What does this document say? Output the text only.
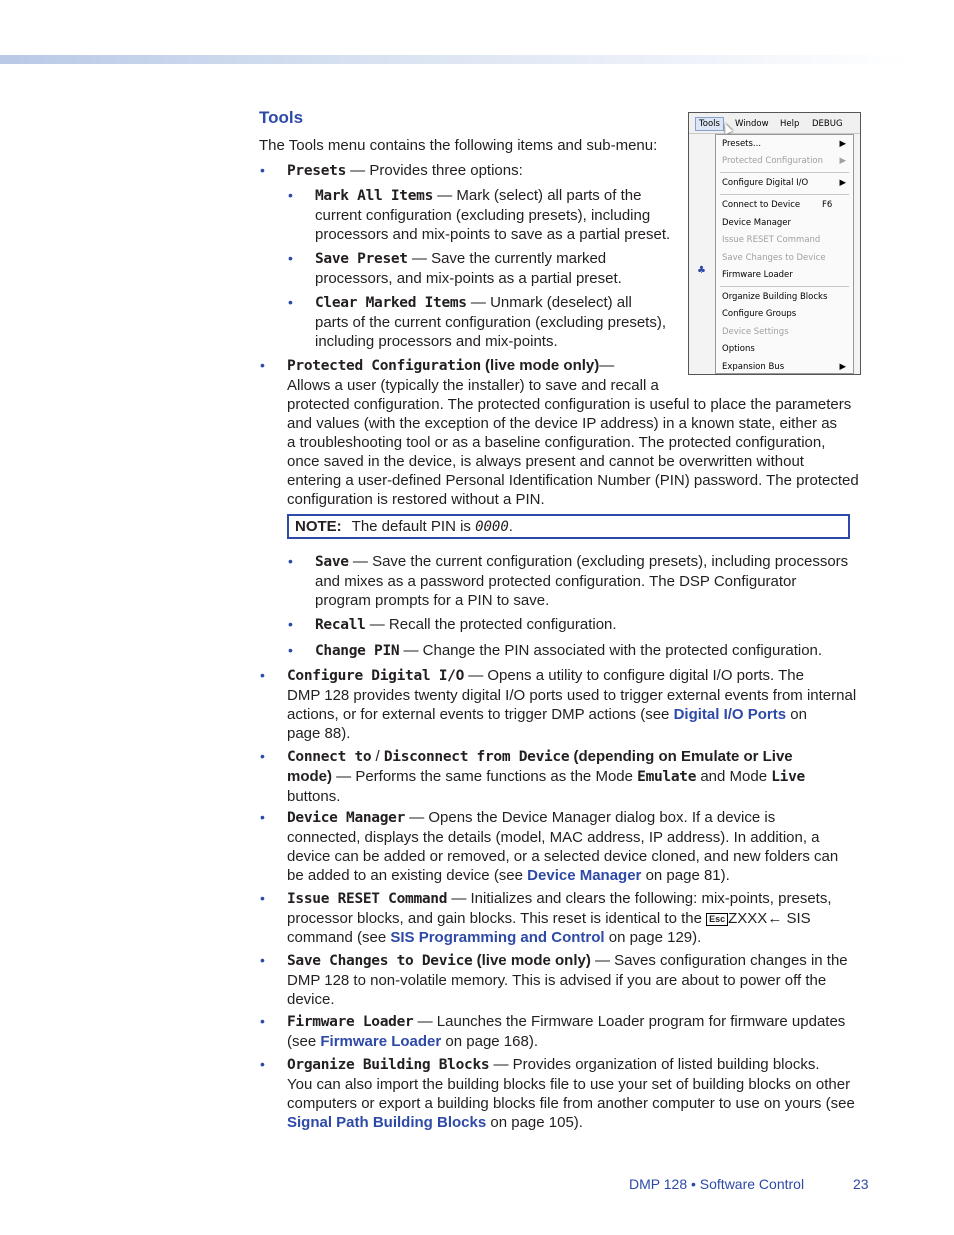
Tools

The Tools menu contains the following items and sub-menu:

Tools	Window Help DEBUG
♣
Presets...	▶
Protected Configuration ▶
Configure Digital I/O	▶
Connect to Device	F6
Device Manager
Issue RESET Command
Save Changes to Device
Firmware Loader
Organize Building Blocks
Configure Groups
Device Settings
Options
Expansion Bus	▶
• Presets — Provides three options:

• Mark All Items — Mark (select) all parts of the
current configuration (excluding presets), including
processors and mix-points to save as a partial preset.
• Save Preset — Save the currently marked
processors, and mix-points as a partial preset.
• Clear Marked Items — Unmark (deselect) all
parts of the current configuration (excluding presets),
including processors and mix-points.
• Protected Configuration (live mode only)—
Allows a user (typically the installer) to save and recall a
protected configuration. The protected configuration is useful to place the parameters
and values (with the exception of the device IP address) in a known state, either as
a troubleshooting tool or as a baseline configuration. The protected configuration,
once saved in the device, is always present and cannot be overwritten without
entering a user-defined Personal Identification Number (PIN) password. The protected
configuration is restored without a PIN.
NOTE: The default PIN is 0000.
• Save — Save the current configuration (excluding presets), including processors
and mixes as a password protected configuration. The DSP Configurator
program prompts for a PIN to save.
• Recall — Recall the protected configuration.

• Change PIN — Change the PIN associated with the protected configuration.

• Configure Digital I/O — Opens a utility to configure digital I/O ports. The
DMP 128 provides twenty digital I/O ports used to trigger external events from internal
actions, or for external events to trigger DMP actions (see Digital I/O Ports on
page 88).
• Connect to / Disconnect from Device (depending on Emulate or Live
mode) — Performs the same functions as the Mode Emulate and Mode Live
buttons.
• Device Manager — Opens the Device Manager dialog box. If a device is
connected, displays the details (model, MAC address, IP address). In addition, a
device can be added or removed, or a selected device cloned, and new folders can
be added to an existing device (see Device Manager on page 81).
• Issue RESET Command — Initializes and clears the following: mix-points, presets,
processor blocks, and gain blocks. This reset is identical to the Esc ZXXX← SIS
command (see SIS Programming and Control on page 129).
• Save Changes to Device (live mode only) — Saves configuration changes in the
DMP 128 to non-volatile memory. This is advised if you are about to power off the
device.
• Firmware Loader — Launches the Firmware Loader program for firmware updates
(see Firmware Loader on page 168).
• Organize Building Blocks — Provides organization of listed building blocks.
You can also import the building blocks file to use your set of building blocks on other
computers or export a building blocks file from another computer to use on yours (see
Signal Path Building Blocks on page 105).
DMP 128 • Software Control	23
